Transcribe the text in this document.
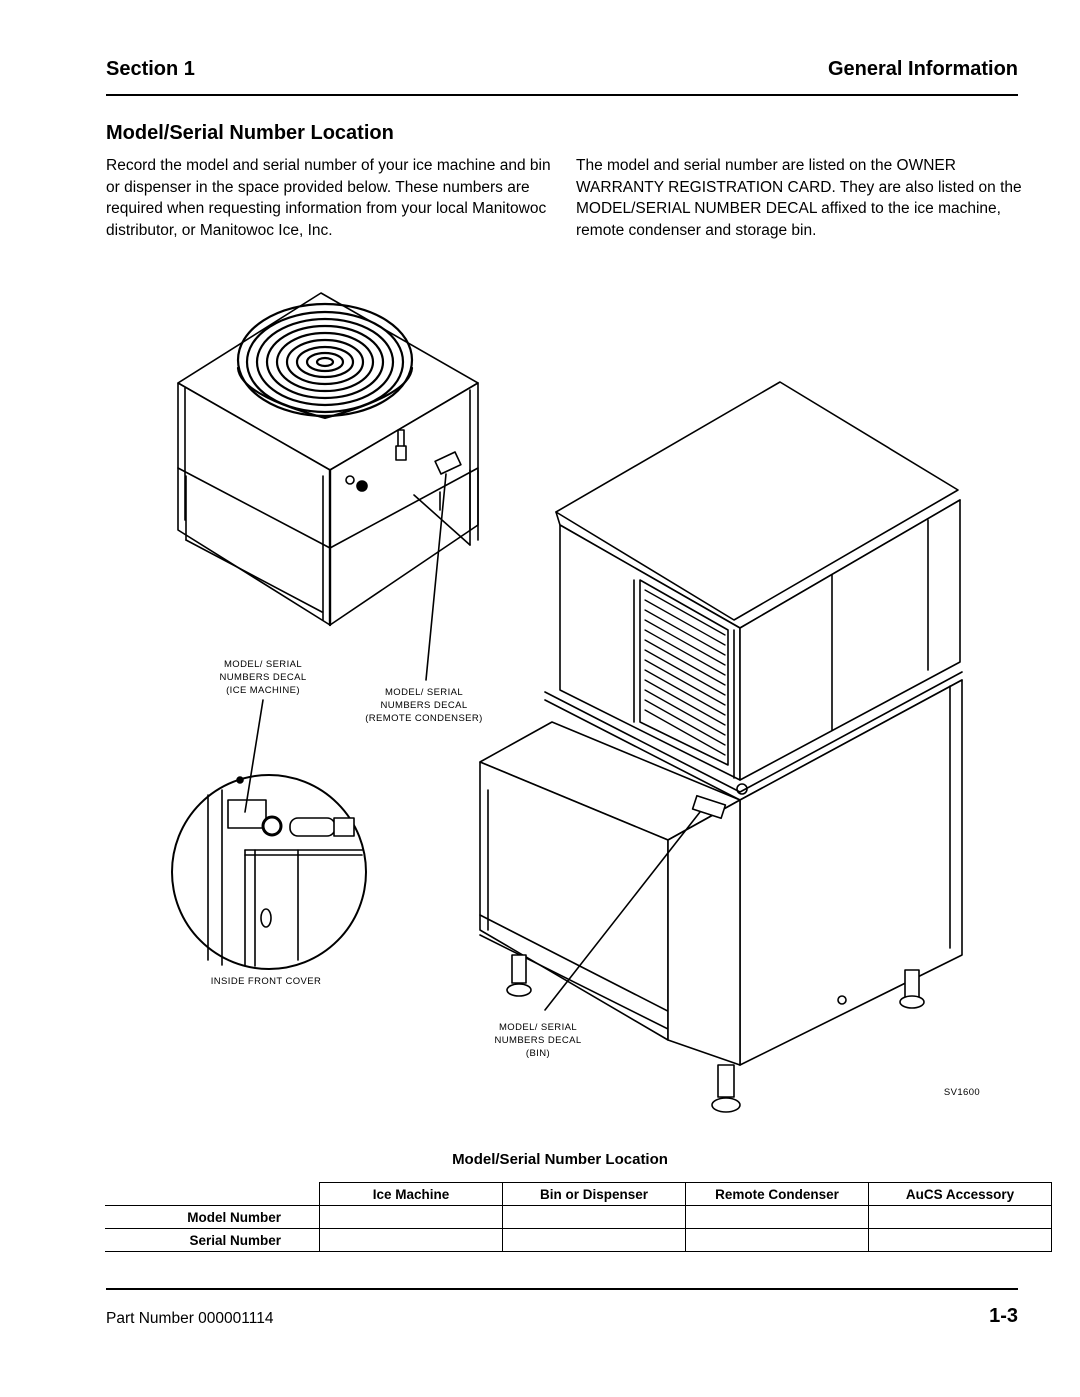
Section 1	General Information
Model/Serial Number Location
Record the model and serial number of your ice machine and bin or dispenser in the space provided below. These numbers are required when requesting information from your local Manitowoc distributor, or Manitowoc Ice, Inc.
The model and serial number are listed on the OWNER WARRANTY REGISTRATION CARD. They are also listed on the MODEL/SERIAL NUMBER DECAL affixed to the ice machine, remote condenser and storage bin.
MODEL/ SERIAL
NUMBERS DECAL
(ICE MACHINE)	MODEL/ SERIAL
NUMBERS DECAL
(REMOTE CONDENSER)
INSIDE FRONT COVER
MODEL/ SERIAL
NUMBERS DECAL
(BIN)
SV1600
Model/Serial Number Location
	Ice Machine	Bin or Dispenser	Remote Condenser	AuCS Accessory
Model Number				
Serial Number				
Part Number 000001114	1-3
